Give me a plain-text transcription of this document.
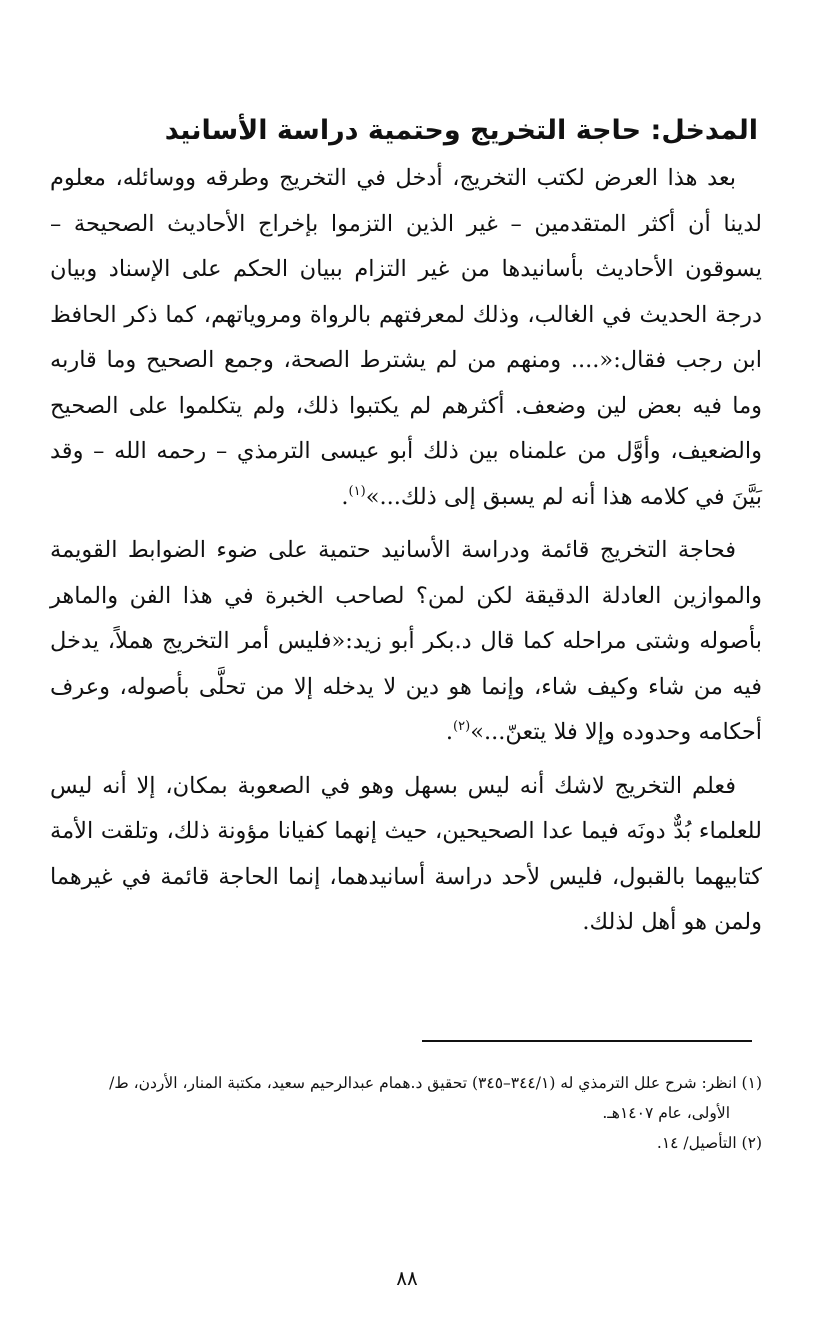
المدخل: حاجة التخريج وحتمية دراسة الأسانيد

بعد هذا العرض لكتب التخريج، أدخل في التخريج وطرقه ووسائله، معلوم لدينا أن أكثر المتقدمين – غير الذين التزموا بإخراج الأحاديث الصحيحة – يسوقون الأحاديث بأسانيدها من غير التزام ببيان الحكم على الإسناد وبيان درجة الحديث في الغالب، وذلك لمعرفتهم بالرواة ومروياتهم، كما ذكر الحافظ ابن رجب فقال:«.... ومنهم من لم يشترط الصحة، وجمع الصحيح وما قاربه وما فيه بعض لين وضعف. أكثرهم لم يكتبوا ذلك، ولم يتكلموا على الصحيح والضعيف، وأوَّل من علمناه بين ذلك أبو عيسى الترمذي – رحمه الله – وقد بَيَّنَ في كلامه هذا أنه لم يسبق إلى ذلك...»$^{(١)}$.

فحاجة التخريج قائمة ودراسة الأسانيد حتمية على ضوء الضوابط القويمة والموازين العادلة الدقيقة لكن لمن؟ لصاحب الخبرة في هذا الفن والماهر بأصوله وشتى مراحله كما قال د.بكر أبو زيد:«فليس أمر التخريج هملاً، يدخل فيه من شاء وكيف شاء، وإنما هو دين لا يدخله إلا من تحلَّى بأصوله، وعرف أحكامه وحدوده وإلا فلا يتعنّ...»$^{(٢)}$.

فعلم التخريج لاشك أنه ليس بسهل وهو في الصعوبة بمكان، إلا أنه ليس للعلماء بُدٌّ دونَه فيما عدا الصحيحين، حيث إنهما كفيانا مؤونة ذلك، وتلقت الأمة كتابيهما بالقبول، فليس لأحد دراسة أسانيدهما، إنما الحاجة قائمة في غيرهما ولمن هو أهل لذلك.

(١) انظر: شرح علل الترمذي له (٣٤٤/١–٣٤٥) تحقيق د.همام عبدالرحيم سعيد، مكتبة المنار، الأردن، ط/

الأولى، عام ١٤٠٧هـ.

(٢) التأصيل/ ١٤.

٨٨
